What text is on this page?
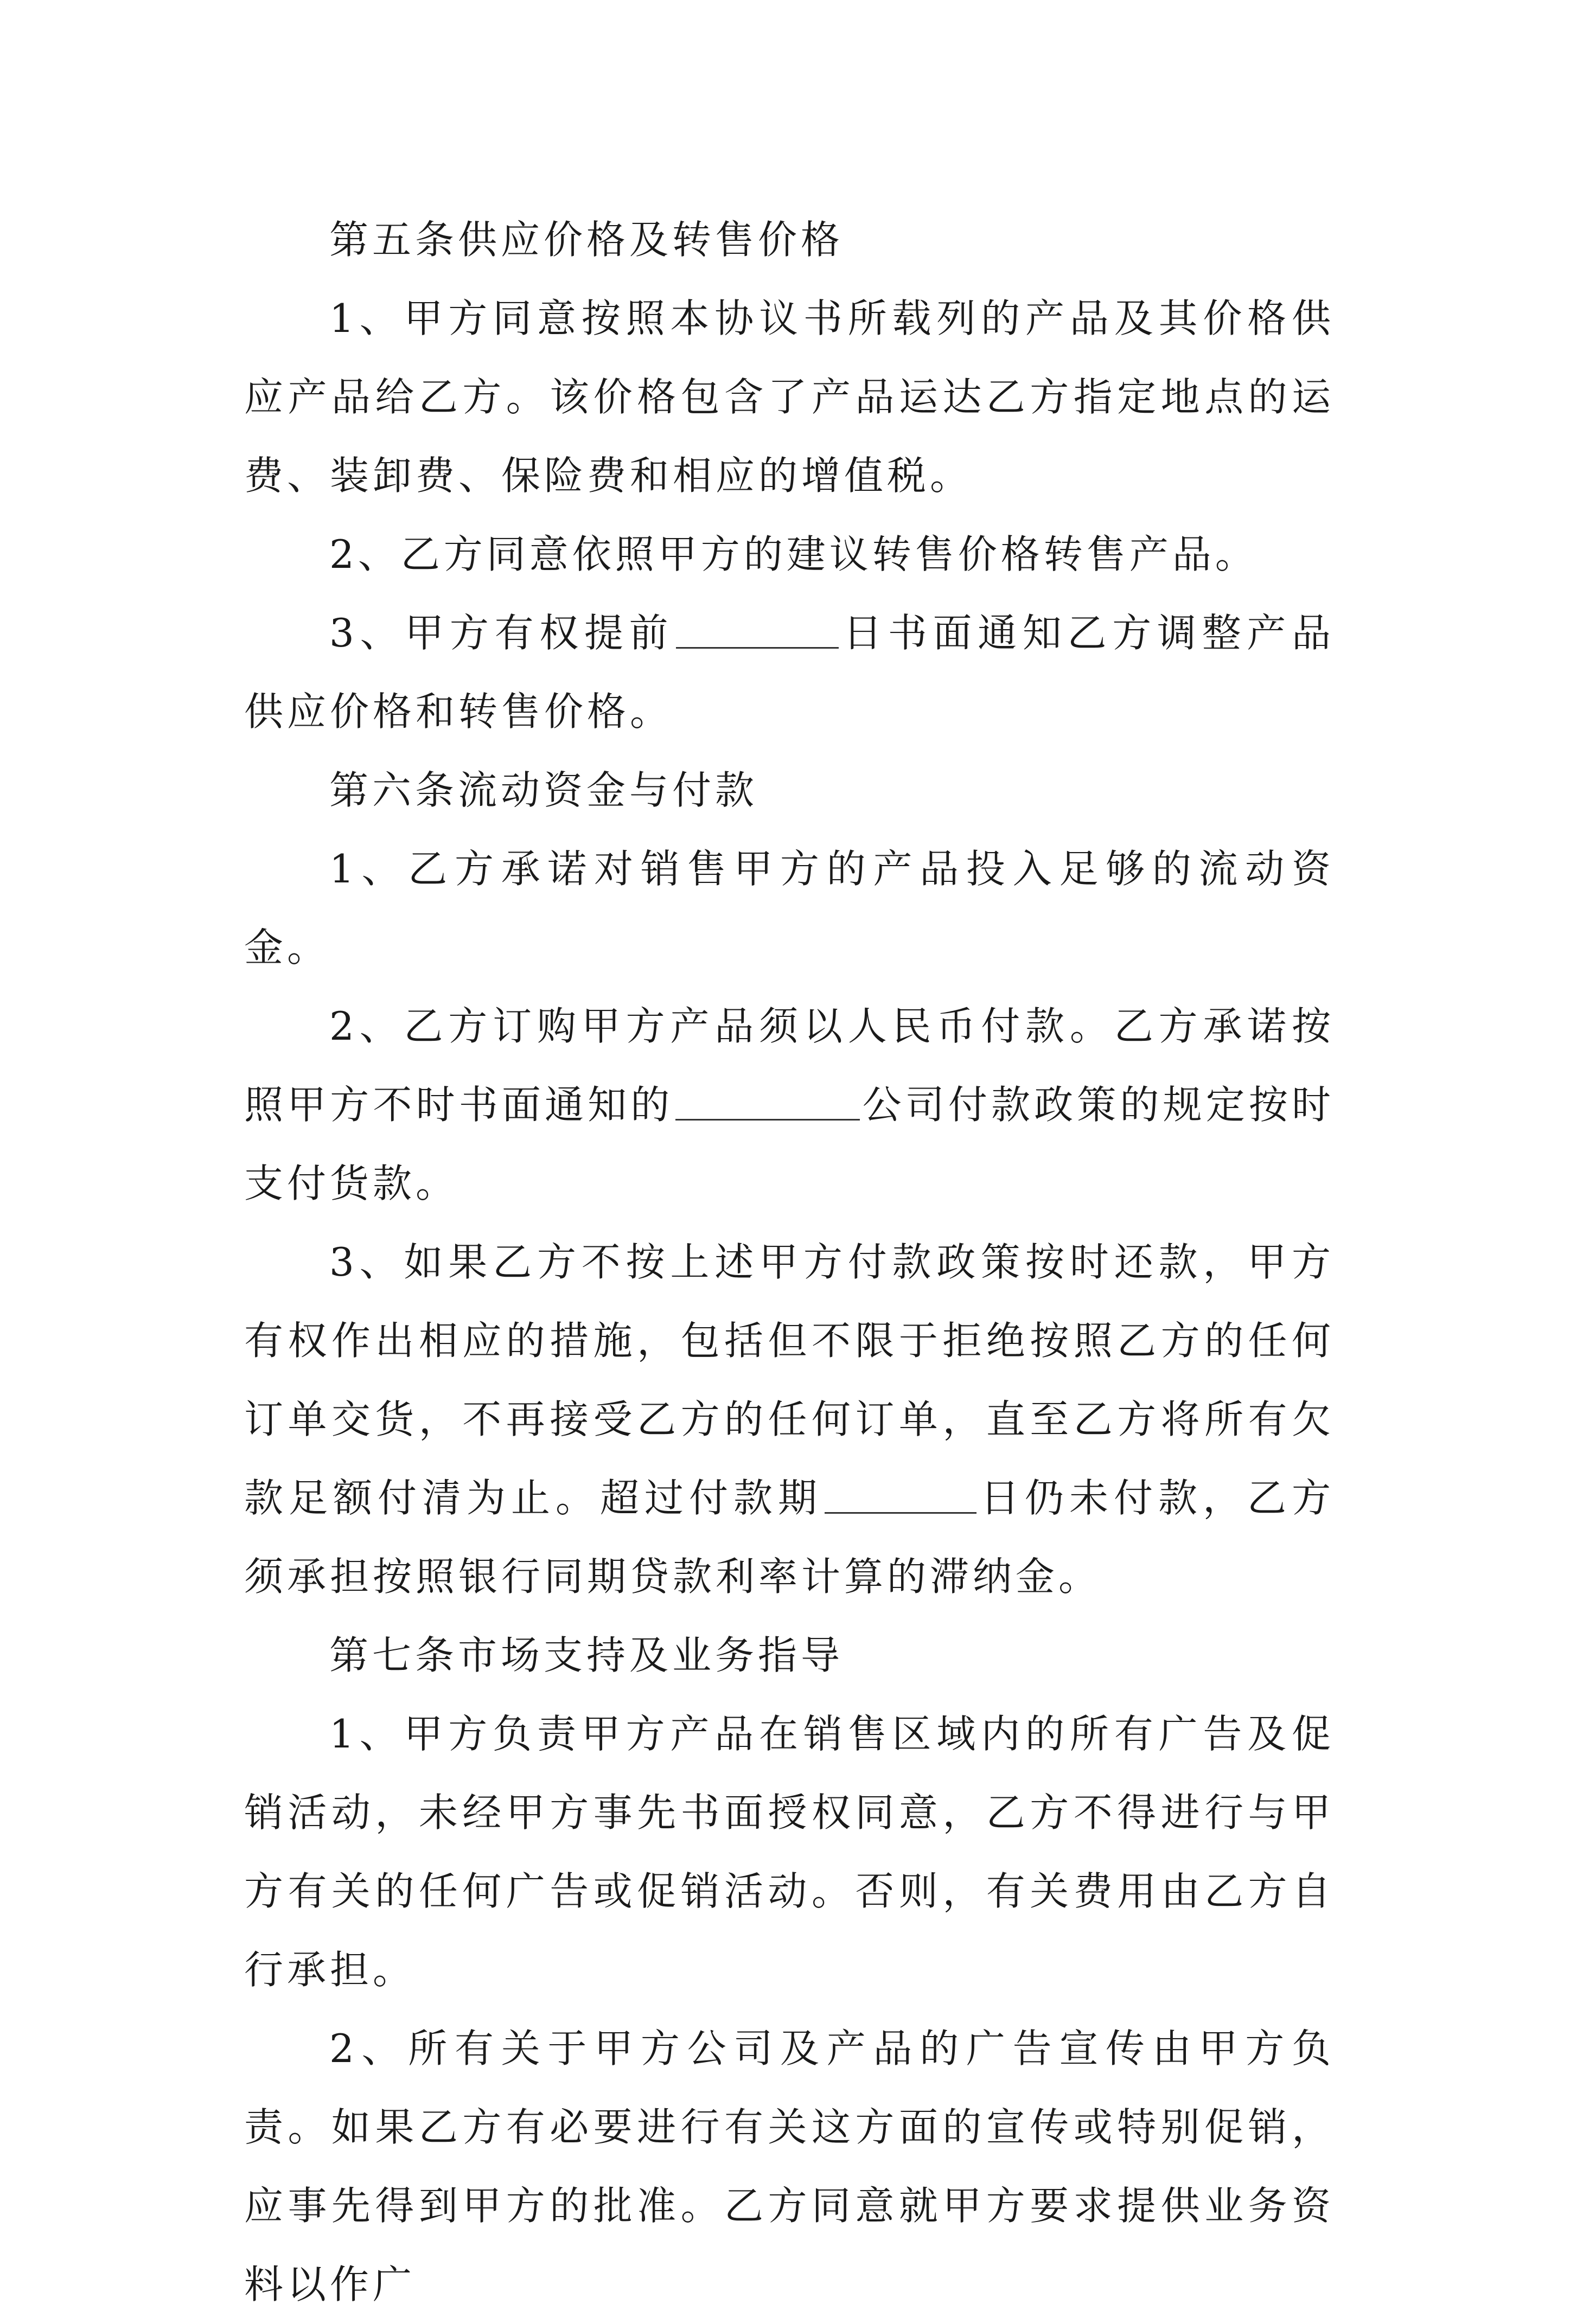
第五条供应价格及转售价格

1、甲方同意按照本协议书所载列的产品及其价格供应产品给乙方。该价格包含了产品运达乙方指定地点的运费、装卸费、保险费和相应的增值税。

2、乙方同意依照甲方的建议转售价格转售产品。

3、甲方有权提前	日书面通知乙方调整产品供应价格和转售价格。

第六条流动资金与付款

1、乙方承诺对销售甲方的产品投入足够的流动资金。

2、乙方订购甲方产品须以人民币付款。乙方承诺按照甲方不时书面通知的	公司付款政策的规定按时支付货款。

3、如果乙方不按上述甲方付款政策按时还款，甲方有权作出相应的措施，包括但不限于拒绝按照乙方的任何订单交货，不再接受乙方的任何订单，直至乙方将所有欠款足额付清为止。超过付款期	日仍未付款，乙方须承担按照银行同期贷款利率计算的滞纳金。

第七条市场支持及业务指导

1、甲方负责甲方产品在销售区域内的所有广告及促销活动，未经甲方事先书面授权同意，乙方不得进行与甲方有关的任何广告或促销活动。否则，有关费用由乙方自行承担。

2、所有关于甲方公司及产品的广告宣传由甲方负责。如果乙方有必要进行有关这方面的宣传或特别促销，应事先得到甲方的批准。乙方同意就甲方要求提供业务资料以作广
